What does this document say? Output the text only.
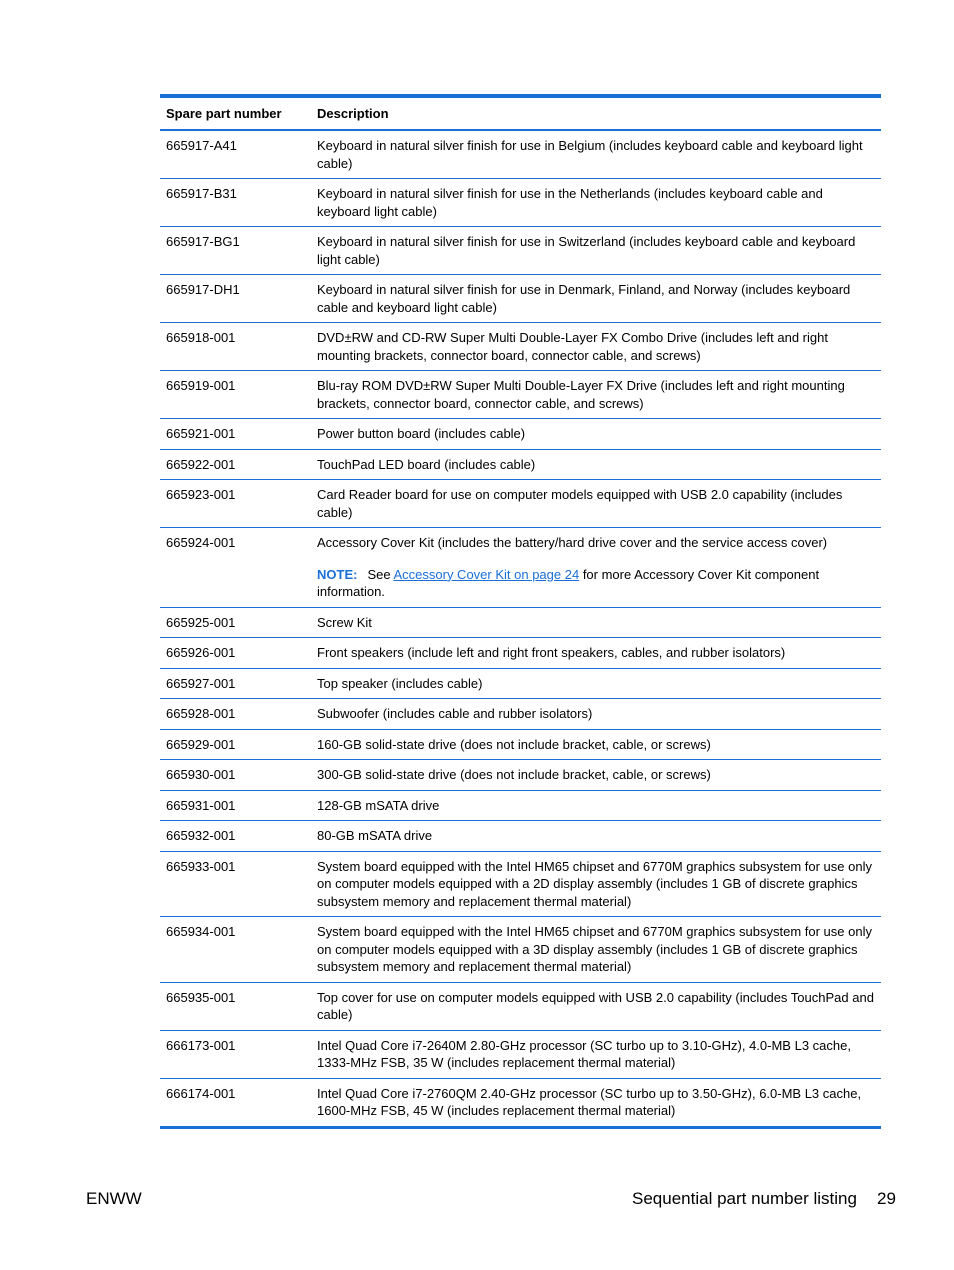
Spare part number	Description
665917-A41	Keyboard in natural silver finish for use in Belgium (includes keyboard cable and keyboard light cable)

665917-B31	Keyboard in natural silver finish for use in the Netherlands (includes keyboard cable and keyboard light cable)

665917-BG1	Keyboard in natural silver finish for use in Switzerland (includes keyboard cable and keyboard light cable)

665917-DH1	Keyboard in natural silver finish for use in Denmark, Finland, and Norway (includes keyboard cable and keyboard light cable)

665918-001	DVD±RW and CD-RW Super Multi Double-Layer FX Combo Drive (includes left and right mounting brackets, connector board, connector cable, and screws)

665919-001	Blu-ray ROM DVD±RW Super Multi Double-Layer FX Drive (includes left and right mounting brackets, connector board, connector cable, and screws)

665921-001	Power button board (includes cable)

665922-001	TouchPad LED board (includes cable)

665923-001	Card Reader board for use on computer models equipped with USB 2.0 capability (includes cable)

665924-001	Accessory Cover Kit (includes the battery/hard drive cover and the service access cover)
NOTE: See Accessory Cover Kit on page 24 for more Accessory Cover Kit component information.

665925-001	Screw Kit

665926-001	Front speakers (include left and right front speakers, cables, and rubber isolators)

665927-001	Top speaker (includes cable)

665928-001	Subwoofer (includes cable and rubber isolators)

665929-001	160-GB solid-state drive (does not include bracket, cable, or screws)

665930-001	300-GB solid-state drive (does not include bracket, cable, or screws)

665931-001	128-GB mSATA drive

665932-001	80-GB mSATA drive

665933-001	System board equipped with the Intel HM65 chipset and 6770M graphics subsystem for use only on computer models equipped with a 2D display assembly (includes 1 GB of discrete graphics subsystem memory and replacement thermal material)

665934-001	System board equipped with the Intel HM65 chipset and 6770M graphics subsystem for use only on computer models equipped with a 3D display assembly (includes 1 GB of discrete graphics subsystem memory and replacement thermal material)

665935-001	Top cover for use on computer models equipped with USB 2.0 capability (includes TouchPad and cable)

666173-001	Intel Quad Core i7-2640M 2.80-GHz processor (SC turbo up to 3.10-GHz), 4.0-MB L3 cache, 1333-MHz FSB, 35 W (includes replacement thermal material)

666174-001	Intel Quad Core i7-2760QM 2.40-GHz processor (SC turbo up to 3.50-GHz), 6.0-MB L3 cache, 1600-MHz FSB, 45 W (includes replacement thermal material)
ENWW	Sequential part number listing 29
